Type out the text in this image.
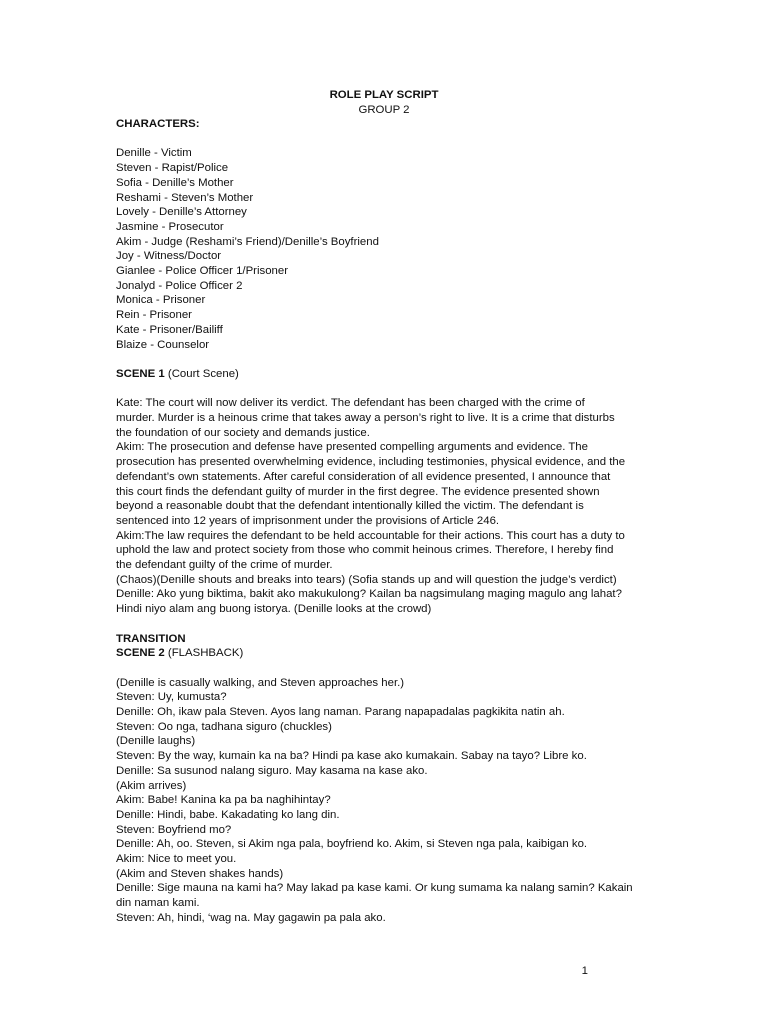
ROLE PLAY SCRIPT
GROUP 2
CHARACTERS:
Denille - Victim
Steven - Rapist/Police
Sofia - Denille’s Mother
Reshami - Steven’s Mother
Lovely - Denille’s Attorney
Jasmine - Prosecutor
Akim - Judge (Reshami’s Friend)/Denille’s Boyfriend
Joy - Witness/Doctor
Gianlee - Police Officer 1/Prisoner
Jonalyd - Police Officer 2
Monica - Prisoner
Rein - Prisoner
Kate - Prisoner/Bailiff
Blaize - Counselor
SCENE 1 (Court Scene)
Kate: The court will now deliver its verdict. The defendant has been charged with the crime of
murder. Murder is a heinous crime that takes away a person’s right to live. It is a crime that disturbs
the foundation of our society and demands justice.
Akim: The prosecution and defense have presented compelling arguments and evidence. The
prosecution has presented overwhelming evidence, including testimonies, physical evidence, and the
defendant’s own statements. After careful consideration of all evidence presented, I announce that
this court finds the defendant guilty of murder in the first degree. The evidence presented shown
beyond a reasonable doubt that the defendant intentionally killed the victim. The defendant is
sentenced into 12 years of imprisonment under the provisions of Article 246.
Akim:The law requires the defendant to be held accountable for their actions. This court has a duty to
uphold the law and protect society from those who commit heinous crimes. Therefore, I hereby find
the defendant guilty of the crime of murder.
(Chaos)(Denille shouts and breaks into tears) (Sofia stands up and will question the judge’s verdict)
Denille: Ako yung biktima, bakit ako makukulong? Kailan ba nagsimulang maging magulo ang lahat?
Hindi niyo alam ang buong istorya. (Denille looks at the crowd)
TRANSITION
SCENE 2 (FLASHBACK)
(Denille is casually walking, and Steven approaches her.)
Steven: Uy, kumusta?
Denille: Oh, ikaw pala Steven. Ayos lang naman. Parang napapadalas pagkikita natin ah.
Steven: Oo nga, tadhana siguro (chuckles)
(Denille laughs)
Steven: By the way, kumain ka na ba? Hindi pa kase ako kumakain. Sabay na tayo? Libre ko.
Denille: Sa susunod nalang siguro. May kasama na kase ako.
(Akim arrives)
Akim: Babe! Kanina ka pa ba naghihintay?
Denille: Hindi, babe. Kakadating ko lang din.
Steven: Boyfriend mo?
Denille: Ah, oo. Steven, si Akim nga pala, boyfriend ko. Akim, si Steven nga pala, kaibigan ko.
Akim: Nice to meet you.
(Akim and Steven shakes hands)
Denille: Sige mauna na kami ha? May lakad pa kase kami. Or kung sumama ka nalang samin? Kakain
din naman kami.
Steven: Ah, hindi, ‘wag na. May gagawin pa pala ako.
1
